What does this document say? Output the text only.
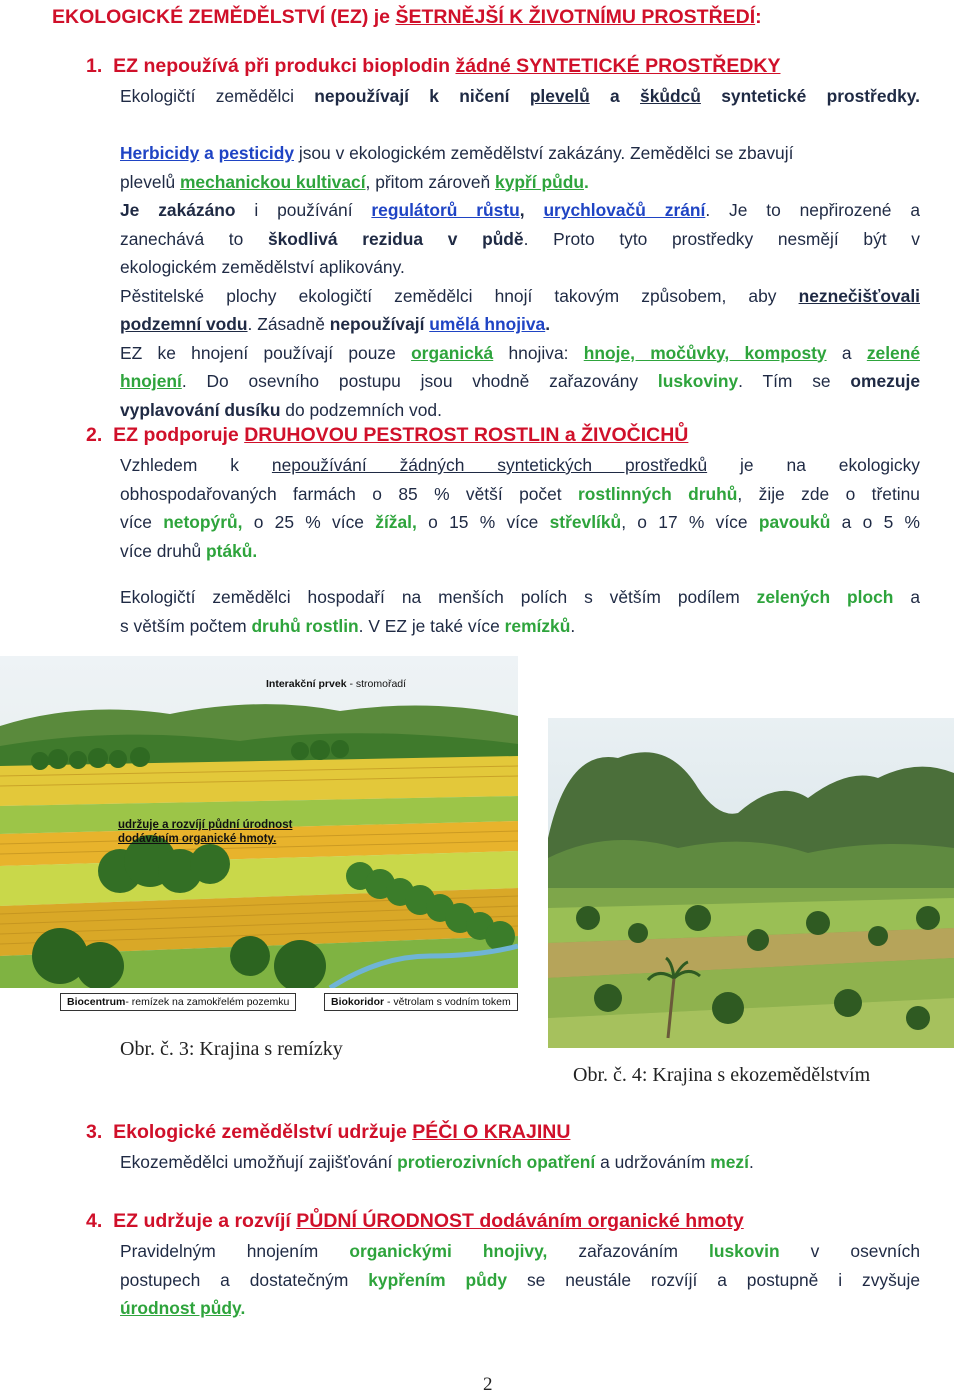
EKOLOGICKÉ ZEMĚDĚLSTVÍ (EZ) je ŠETRNĚJŠÍ K ŽIVOTNÍMU PROSTŘEDÍ:
1. EZ nepoužívá při produkci bioplodin žádné SYNTETICKÉ PROSTŘEDKY
Ekologičtí zemědělci nepoužívají k ničení plevelů a škůdců syntetické prostředky.
Herbicidy a pesticidy jsou v ekologickém zemědělství zakázány. Zemědělci se zbavují
plevelů mechanickou kultivací, přitom zároveň kypří půdu.
Je zakázáno i používání regulátorů růstu, urychlovačů zrání. Je to nepřirozené a
zanechává to škodlivá rezidua v půdě. Proto tyto prostředky nesmějí být v
ekologickém zemědělství aplikovány.
Pěstitelské plochy ekologičtí zemědělci hnojí takovým způsobem, aby neznečišťovali
podzemní vodu. Zásadně nepoužívají umělá hnojiva.
EZ ke hnojení používají pouze organická hnojiva: hnoje, močůvky, komposty a zelené
hnojení. Do osevního postupu jsou vhodně zařazovány luskoviny. Tím se omezuje
vyplavování dusíku do podzemních vod.
2. EZ podporuje DRUHOVOU PESTROST ROSTLIN a ŽIVOČICHŮ
Vzhledem k nepoužívání žádných syntetických prostředků je na ekologicky
obhospodařovaných farmách o 85 % větší počet rostlinných druhů, žije zde o třetinu
více netopýrů, o 25 % více žížal, o 15 % více střevlíků, o 17 % více pavouků a o 5 %
více druhů ptáků.
Ekologičtí zemědělci hospodaří na menších polích s větším podílem zelených ploch a
s větším počtem druhů rostlin. V EZ je také více remízků.
Interakční prvek - stromořadí
udržuje a rozvíjí půdní úrodnost
dodáváním organické hmoty.
Biocentrum- remízek na zamokřelém pozemku	Biokoridor - větrolam s vodním tokem
Obr. č. 3: Krajina s remízky
Obr. č. 4: Krajina s ekozemědělstvím
3. Ekologické zemědělství udržuje PÉČI O KRAJINU
Ekozemědělci umožňují zajišťování protierozivních opatření a udržováním mezí.
4. EZ udržuje a rozvíjí PŮDNÍ ÚRODNOST dodáváním organické hmoty
Pravidelným hnojením organickými hnojivy, zařazováním luskovin v osevních
postupech a dostatečným kypřením půdy se neustále rozvíjí a postupně i zvyšuje
úrodnost půdy.
2
